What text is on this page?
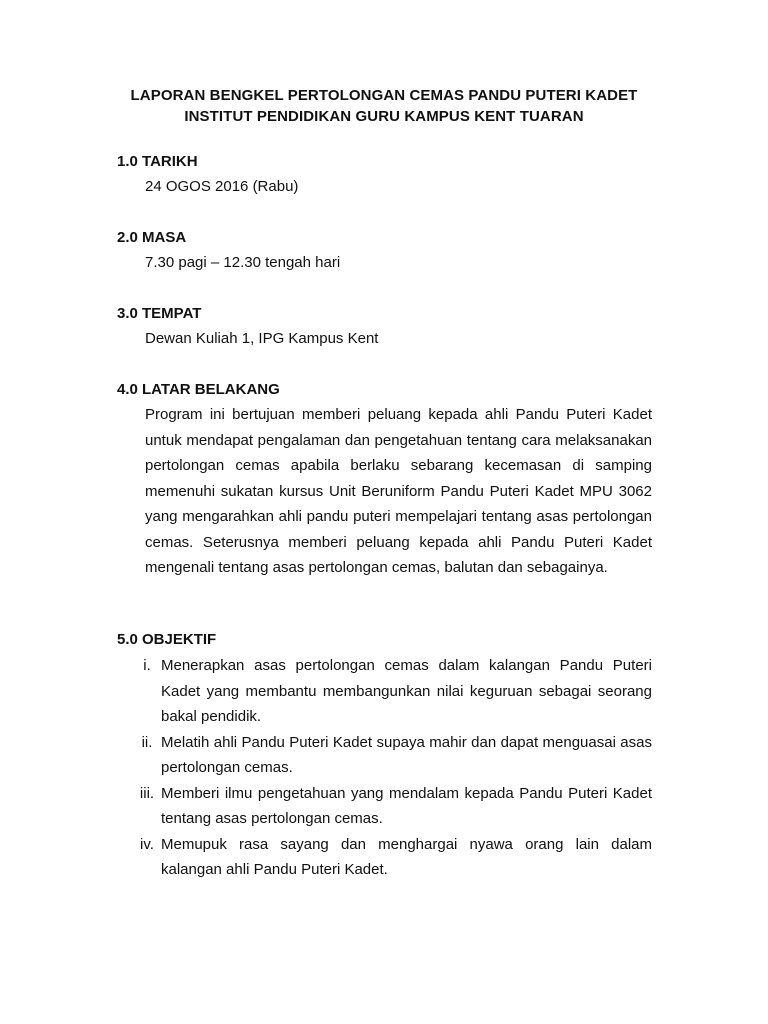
LAPORAN BENGKEL PERTOLONGAN CEMAS PANDU PUTERI KADET
INSTITUT PENDIDIKAN GURU KAMPUS KENT TUARAN
1.0 TARIKH
24 OGOS 2016 (Rabu)
2.0 MASA
7.30 pagi – 12.30 tengah hari
3.0 TEMPAT
Dewan Kuliah 1, IPG Kampus Kent
4.0 LATAR BELAKANG
Program ini bertujuan memberi peluang kepada ahli Pandu Puteri Kadet untuk mendapat pengalaman dan pengetahuan tentang cara melaksanakan pertolongan cemas apabila berlaku sebarang kecemasan di samping memenuhi sukatan kursus Unit Beruniform Pandu Puteri Kadet MPU 3062 yang mengarahkan ahli pandu puteri mempelajari tentang asas pertolongan cemas. Seterusnya memberi peluang kepada ahli Pandu Puteri Kadet mengenali tentang asas pertolongan cemas, balutan dan sebagainya.
5.0 OBJEKTIF
i. Menerapkan asas pertolongan cemas dalam kalangan Pandu Puteri Kadet yang membantu membangunkan nilai keguruan sebagai seorang bakal pendidik.
ii. Melatih ahli Pandu Puteri Kadet supaya mahir dan dapat menguasai asas pertolongan cemas.
iii. Memberi ilmu pengetahuan yang mendalam kepada Pandu Puteri Kadet tentang asas pertolongan cemas.
iv. Memupuk rasa sayang dan menghargai nyawa orang lain dalam kalangan ahli Pandu Puteri Kadet.
